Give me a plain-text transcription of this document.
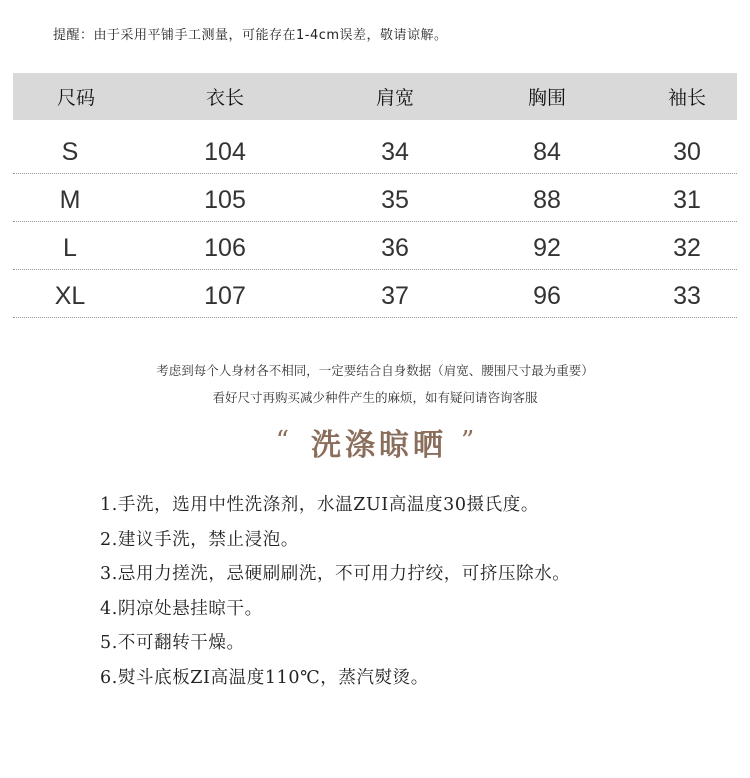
提醒：由于采用平铺手工测量，可能存在1-4cm误差，敬请谅解。
尺码	衣长	肩宽	胸围	袖长
S	104	34	84	30
M	105	35	88	31
L	106	36	92	32
XL	107	37	96	33
考虑到每个人身材各不相同，一定要结合自身数据（肩宽、腰围尺寸最为重要）
看好尺寸再购买减少种件产生的麻烦，如有疑问请咨询客服
“ 洗涤晾晒 ”
1.手洗，选用中性洗涤剂，水温ZUI高温度30摄氏度。
2.建议手洗，禁止浸泡。
3.忌用力搓洗，忌硬刷刷洗，不可用力拧绞，可挤压除水。
4.阴凉处悬挂晾干。
5.不可翻转干燥。
6.熨斗底板ZI高温度110℃，蒸汽熨烫。
